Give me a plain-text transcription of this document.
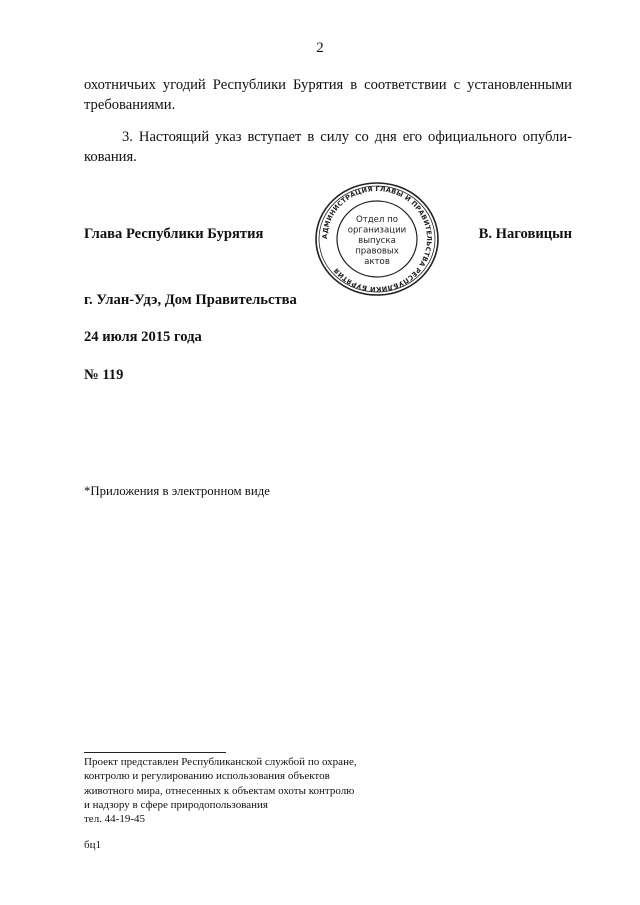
2
охотничьих угодий Республики Бурятия в соответствии с установленными
требованиями.
3. Настоящий указ вступает в силу со дня его официального опубли-
кования.
Глава Республики Бурятия	В. Наговицын
АДМИНИСТРАЦИЯ ГЛАВЫ И ПРАВИТЕЛЬСТВА РЕСПУБЛИКИ БУРЯТИЯ
Отдел по
организации
выпуска
правовых
актов
г. Улан-Удэ, Дом Правительства
24 июля 2015 года
№ 119
*Приложения в электронном виде
Проект представлен Республиканской службой по охране,
контролю и регулированию использования объектов
животного мира, отнесенных к объектам охоты контролю
и надзору в сфере природопользования
тел. 44-19-45
бц1
